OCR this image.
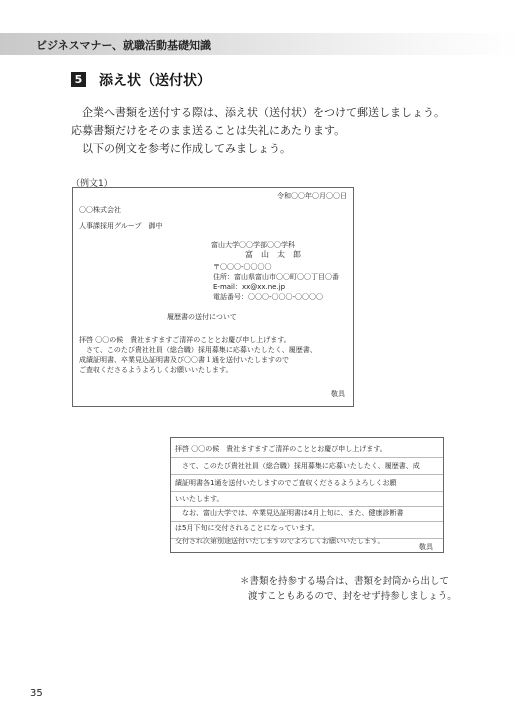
ビジネスマナー、就職活動基礎知識
5 添え状（送付状）
企業へ書類を送付する際は、添え状（送付状）をつけて郵送しましょう。
応募書類だけをそのまま送ることは失礼にあたります。
以下の例文を参考に作成してみましょう。
（例文1）
令和〇〇年〇月〇〇日
〇〇株式会社
人事課採用グループ　御中
富山大学〇〇学部〇〇学科
富　山　太　郎
〒〇〇〇-〇〇〇〇
住所：富山県富山市〇〇町〇〇丁目〇番
E-mail：xx@xx.ne.jp
電話番号：〇〇〇-〇〇〇-〇〇〇〇
履歴書の送付について
拝啓 〇〇の候　貴社ますますご清祥のこととお慶び申し上げます。
　さて、このたび貴社社員（総合職）採用募集に応募いたしたく、履歴書、
成績証明書、卒業見込証明書及び〇〇書１通を送付いたしますので
ご査収くださるようよろしくお願いいたします。
敬具
拝啓 〇〇の候　貴社ますますご清祥のこととお慶び申し上げます。
　さて、このたび貴社社員（総合職）採用募集に応募いたしたく、履歴書、成
績証明書各1通を送付いたしますのでご査収くださるようよろしくお願
いいたします。
　なお、富山大学では、卒業見込証明書は4月上旬に、また、健康診断書
は5月下旬に交付されることになっています。
交付され次第別途送付いたしますのでよろしくお願いいたします。
敬具
＊書類を持参する場合は、書類を封筒から出して
渡すこともあるので、封をせず持参しましょう。
35
